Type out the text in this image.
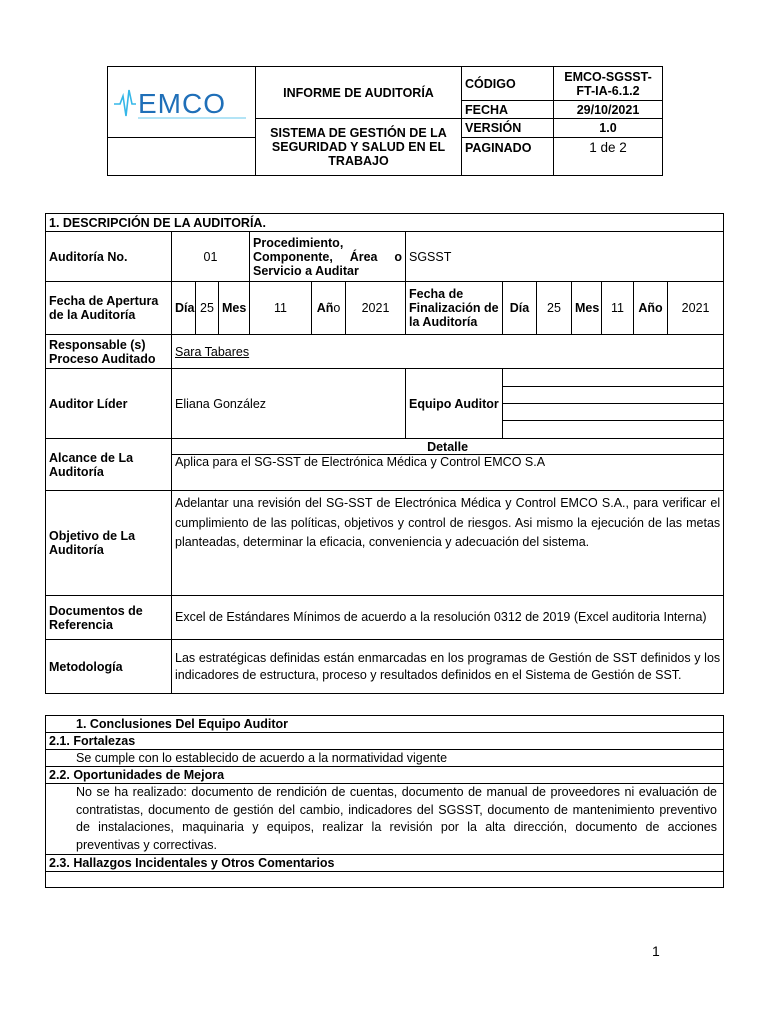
EMCO	INFORME DE AUDITORÍA	CÓDIGO	EMCO-SGSST-FT-IA-6.1.2
		FECHA	29/10/2021
	SISTEMA DE GESTIÓN DE LA SEGURIDAD Y SALUD EN EL TRABAJO	VERSIÓN	1.0
		PAGINADO	1 de 2
1. DESCRIPCIÓN DE LA AUDITORÍA.													
Auditoría No.	01			Procedimiento, Componente, Área o Servicio a Auditar			SGSST						
Fecha de Apertura de la Auditoría	Día	25	Mes	11	Año	2021	Fecha de Finalización de la Auditoría	Día	25	Mes	11	Año	2021
Responsable (s) Proceso Auditado	Sara Tabares												
Auditor Líder	Eliana González						Equipo Auditor						

Alcance de La Auditoría	Detalle												
	Aplica para el SG-SST de Electrónica Médica y Control EMCO S.A												
Objetivo de La Auditoría	Adelantar una revisión del SG-SST de Electrónica Médica y Control EMCO S.A., para verificar el cumplimiento de las políticas, objetivos y control de riesgos. Asi mismo la ejecución de las metas planteadas, determinar la eficacia, conveniencia y adecuación del sistema.												
Documentos de Referencia	Excel de Estándares Mínimos de acuerdo a la resolución 0312 de 2019 (Excel auditoria Interna)												
Metodología	Las estratégicas definidas están enmarcadas en los programas de Gestión de SST definidos y los indicadores de estructura, proceso y resultados definidos en el Sistema de Gestión de SST.												
1. Conclusiones Del Equipo Auditor
2.1. Fortalezas
Se cumple con lo establecido de acuerdo a la normatividad vigente
2.2. Oportunidades de Mejora
No se ha realizado: documento de rendición de cuentas, documento de manual de proveedores ni evaluación de contratistas, documento de gestión del cambio, indicadores del SGSST, documento de mantenimiento preventivo de instalaciones, maquinaria y equipos, realizar la revisión por la alta dirección, documento de acciones preventivas y correctivas.
2.3. Hallazgos Incidentales y Otros Comentarios

1
